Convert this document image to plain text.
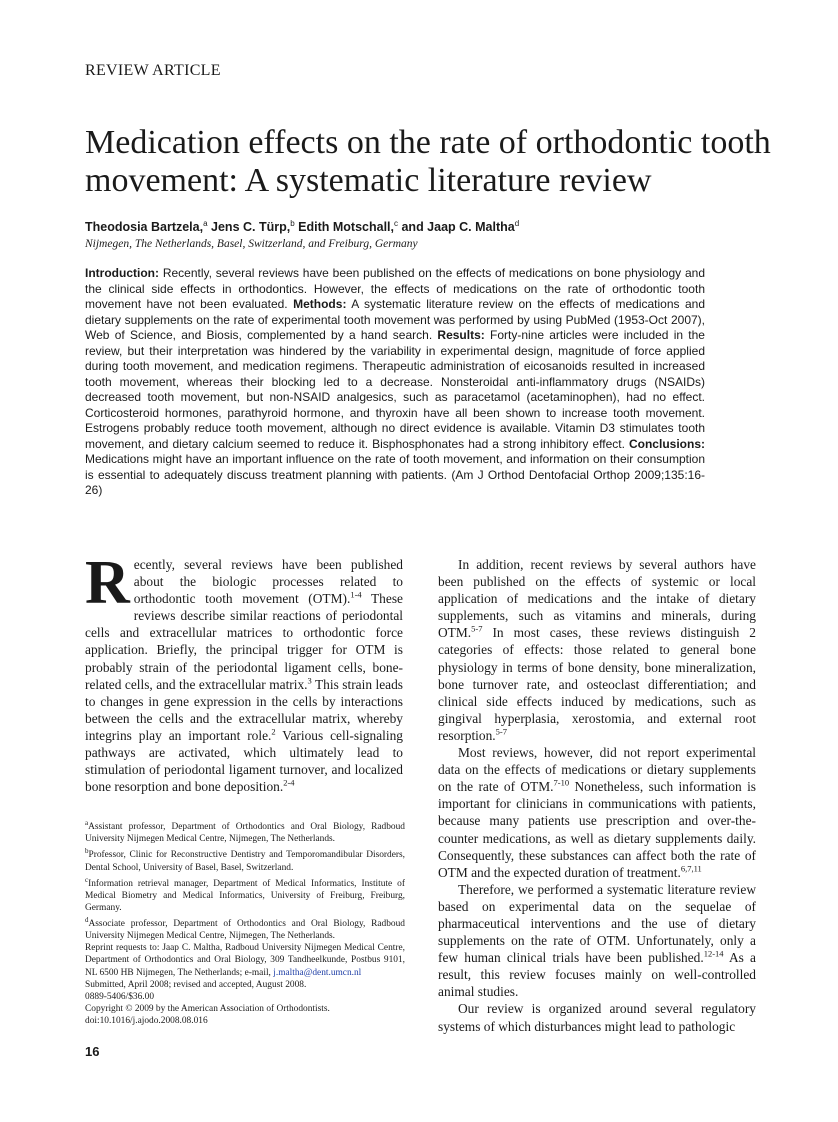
REVIEW ARTICLE
Medication effects on the rate of orthodontic tooth movement: A systematic literature review
Theodosia Bartzela,$^a$ Jens C. Türp,$^b$ Edith Motschall,$^c$ and Jaap C. Maltha$^d$
Nijmegen, The Netherlands, Basel, Switzerland, and Freiburg, Germany

Introduction: Recently, several reviews have been published on the effects of medications on bone physiology and the clinical side effects in orthodontics. However, the effects of medications on the rate of orthodontic tooth movement have not been evaluated. Methods: A systematic literature review on the effects of medications and dietary supplements on the rate of experimental tooth movement was performed by using PubMed (1953-Oct 2007), Web of Science, and Biosis, complemented by a hand search. Results: Forty-nine articles were included in the review, but their interpretation was hindered by the variability in experimental design, magnitude of force applied during tooth movement, and medication regimens. Therapeutic administration of eicosanoids resulted in increased tooth movement, whereas their blocking led to a decrease. Nonsteroidal anti-inflammatory drugs (NSAIDs) decreased tooth movement, but non-NSAID analgesics, such as paracetamol (acetaminophen), had no effect. Corticosteroid hormones, parathyroid hormone, and thyroxin have all been shown to increase tooth movement. Estrogens probably reduce tooth movement, although no direct evidence is available. Vitamin D3 stimulates tooth movement, and dietary calcium seemed to reduce it. Bisphosphonates had a strong inhibitory effect. Conclusions: Medications might have an important influence on the rate of tooth movement, and information on their consumption is essential to adequately discuss treatment planning with patients. (Am J Orthod Dentofacial Orthop 2009;135:16-26)

Recently, several reviews have been published about the biologic processes related to orthodontic tooth movement (OTM).$^{1-4}$ These reviews describe similar reactions of periodontal cells and extracellular matrices to orthodontic force application. Briefly, the principal trigger for OTM is probably strain of the periodontal ligament cells, bone-related cells, and the extracellular matrix.$^3$ This strain leads to changes in gene expression in the cells by interactions between the cells and the extracellular matrix, whereby integrins play an important role.$^2$ Various cell-signaling pathways are activated, which ultimately lead to stimulation of periodontal ligament turnover, and localized bone resorption and bone deposition.$^{2-4}$

In addition, recent reviews by several authors have been published on the effects of systemic or local application of medications and the intake of dietary supplements, such as vitamins and minerals, during OTM.$^{5-7}$ In most cases, these reviews distinguish 2 categories of effects: those related to general bone physiology in terms of bone density, bone mineralization, bone turnover rate, and osteoclast differentiation; and clinical side effects induced by medications, such as gingival hyperplasia, xerostomia, and external root resorption.$^{5-7}$

Most reviews, however, did not report experimental data on the effects of medications or dietary supplements on the rate of OTM.$^{7-10}$ Nonetheless, such information is important for clinicians in communications with patients, because many patients use prescription and over-the-counter medications, as well as dietary supplements daily. Consequently, these substances can affect both the rate of OTM and the expected duration of treatment.$^{6,7,11}$

Therefore, we performed a systematic literature review based on experimental data on the sequelae of pharmaceutical interventions and the use of dietary supplements on the rate of OTM. Unfortunately, only a few human clinical trials have been published.$^{12-14}$ As a result, this review focuses mainly on well-controlled animal studies.

Our review is organized around several regulatory systems of which disturbances might lead to pathologic

$^a$Assistant professor, Department of Orthodontics and Oral Biology, Radboud University Nijmegen Medical Centre, Nijmegen, The Netherlands.

$^b$Professor, Clinic for Reconstructive Dentistry and Temporomandibular Disorders, Dental School, University of Basel, Basel, Switzerland.

$^c$Information retrieval manager, Department of Medical Informatics, Institute of Medical Biometry and Medical Informatics, University of Freiburg, Freiburg, Germany.

$^d$Associate professor, Department of Orthodontics and Oral Biology, Radboud University Nijmegen Medical Centre, Nijmegen, The Netherlands.

Reprint requests to: Jaap C. Maltha, Radboud University Nijmegen Medical Centre, Department of Orthodontics and Oral Biology, 309 Tandheelkunde, Postbus 9101, NL 6500 HB Nijmegen, The Netherlands; e-mail, j.maltha@dent.umcn.nl

Submitted, April 2008; revised and accepted, August 2008.

0889-5406/$36.00

Copyright © 2009 by the American Association of Orthodontists.

doi:10.1016/j.ajodo.2008.08.016

16
